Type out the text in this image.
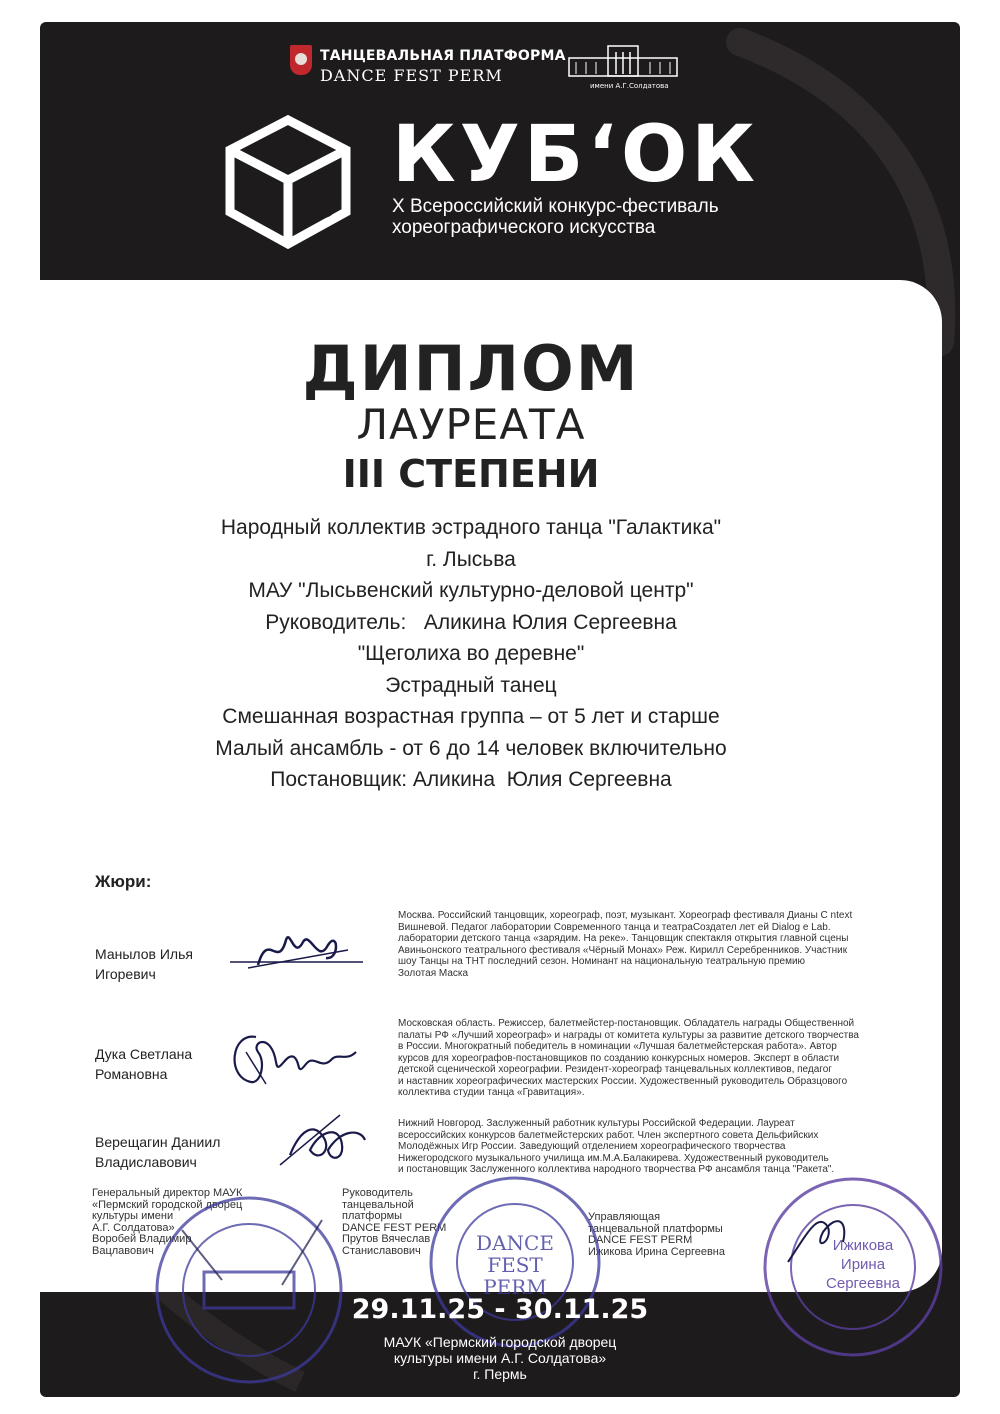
ТАНЦЕВАЛЬНАЯ ПЛАТФОРМА
DANCE FEST PERM
имени А.Г.Солдатова
КУБ‘ОК
X Всероссийский конкурс-фестиваль
хореографического искусства
ДИПЛОМ
ЛАУРЕАТА
III СТЕПЕНИ
Народный коллектив эстрадного танца "Галактика"
г. Лысьва
МАУ "Лысьвенский культурно-деловой центр"
Руководитель:   Аликина Юлия Сергеевна
"Щеголиха во деревне"
Эстрадный танец
Смешанная возрастная группа – от 5 лет и старше
Малый ансамбль - от 6 до 14 человек включительно
Постановщик: Аликина  Юлия Сергеевна
Жюри:
Манылов Илья
Игоревич
Москва. Российский танцовщик, хореограф, поэт, музыкант. Хореограф фестиваля Дианы С ntext
Вишневой. Педагог лаборатории Современного танца и театраСоздател лет ей Dialog e Lab.
лаборатории детского танца «зарядим. На реке». Танцовщик спектакля открытия главной сцены
Авиньонского театрального фестиваля «Чёрный Монах» Реж. Кирилл Серебренников. Участник
шоу Танцы на ТНТ последний сезон. Номинант на национальную театральную премию
Золотая Маска
Дука Светлана
Романовна
Московская область. Режиссер, балетмейстер-постановщик. Обладатель награды Общественной
палаты РФ «Лучший хореограф» и награды от комитета культуры за развитие детского творчества
в России. Многократный победитель в номинации «Лучшая балетмейстерская работа». Автор
курсов для хореографов-постановщиков по созданию конкурсных номеров. Эксперт в области
детской сценической хореографии. Резидент-хореограф танцевальных коллективов, педагог
и наставник хореографических мастерских России. Художественный руководитель Образцового
коллектива студии танца «Гравитация».
Верещагин Даниил
Владиславович
Нижний Новгород. Заслуженный работник культуры Российской Федерации. Лауреат
всероссийских конкурсов балетмейстерских работ. Член экспертного совета Дельфийских
Молодёжных Игр России. Заведующий отделением хореографического творчества
Нижегородского музыкального училища им.М.А.Балакирева. Художественный руководитель
и постановщик Заслуженного коллектива народного творчества РФ ансамбля танца "Ракета".
Генеральный директор МАУК
«Пермский городской дворец
культуры имени
А.Г. Солдатова»
Воробей Владимир
Вацлавович
Руководитель
танцевальной
платформы
DANCE FEST PERM
Прутов Вячеслав
Станиславович
Управляющая
танцевальной платформы
DANCE FEST PERM
Ижикова Ирина Сергеевна
DANCE
FEST
PERM
Ижикова
Ирина
Сергеевна
29.11.25 - 30.11.25
МАУК «Пермский городской дворец
культуры имени А.Г. Солдатова»
г. Пермь
